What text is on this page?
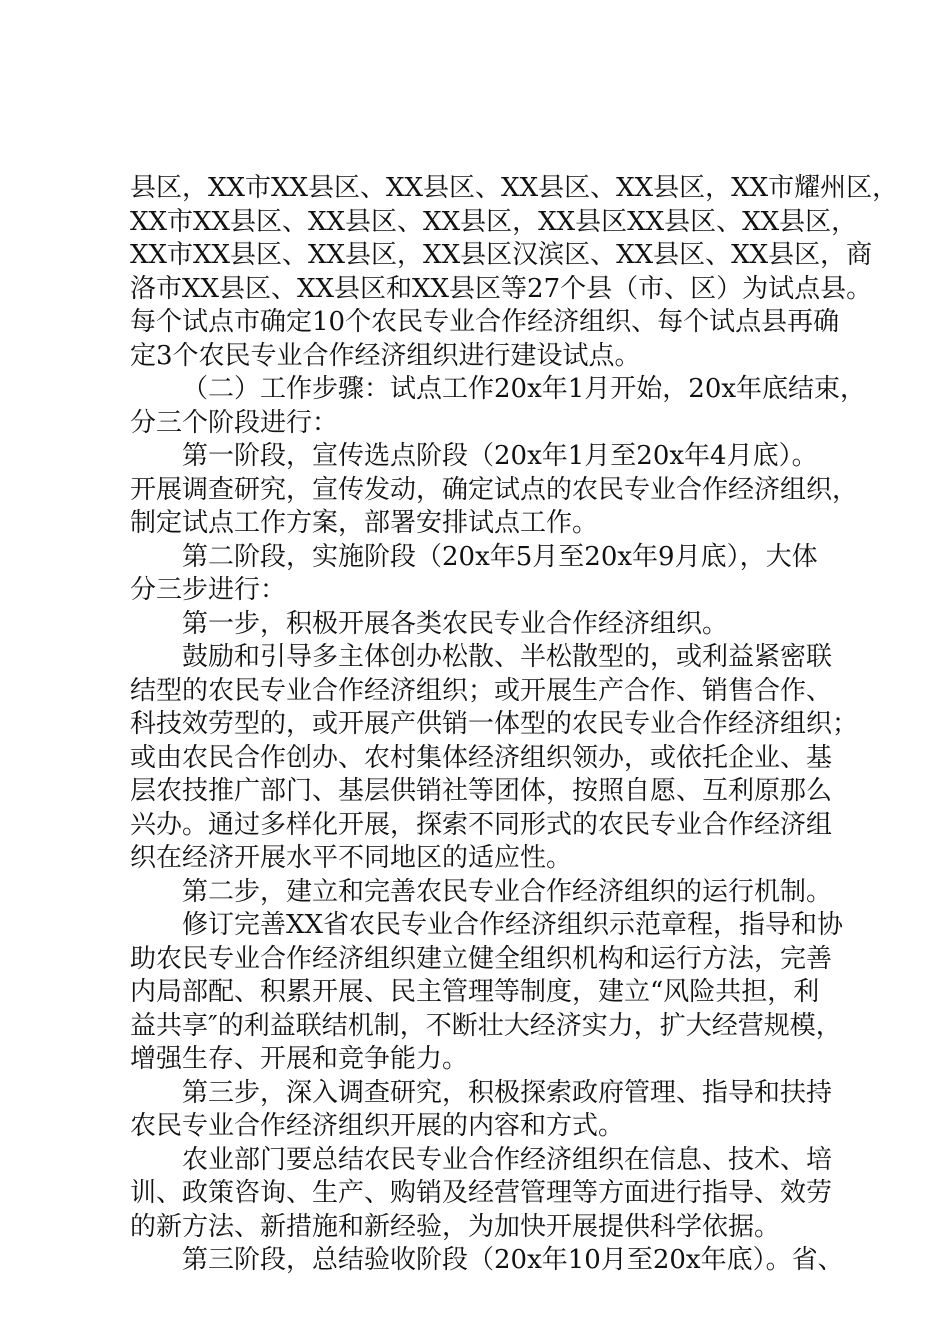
县区，XX市XX县区、XX县区、XX县区、XX县区，XX市耀州区，
XX市XX县区、XX县区、XX县区，XX县区XX县区、XX县区，
XX市XX县区、XX县区，XX县区汉滨区、XX县区、XX县区，商
洛市XX县区、XX县区和XX县区等27个县（市、区）为试点县。
每个试点市确定10个农民专业合作经济组织、每个试点县再确
定3个农民专业合作经济组织进行建设试点。
（二）工作步骤：试点工作20x年1月开始，20x年底结束，
分三个阶段进行：
第一阶段，宣传选点阶段（20x年1月至20x年4月底）。
开展调查研究，宣传发动，确定试点的农民专业合作经济组织，
制定试点工作方案，部署安排试点工作。
第二阶段，实施阶段（20x年5月至20x年9月底），大体
分三步进行：
第一步，积极开展各类农民专业合作经济组织。
鼓励和引导多主体创办松散、半松散型的，或利益紧密联
结型的农民专业合作经济组织；或开展生产合作、销售合作、
科技效劳型的，或开展产供销一体型的农民专业合作经济组织；
或由农民合作创办、农村集体经济组织领办，或依托企业、基
层农技推广部门、基层供销社等团体，按照自愿、互利原那么
兴办。通过多样化开展，探索不同形式的农民专业合作经济组
织在经济开展水平不同地区的适应性。
第二步，建立和完善农民专业合作经济组织的运行机制。
修订完善XX省农民专业合作经济组织示范章程，指导和协
助农民专业合作经济组织建立健全组织机构和运行方法，完善
内局部配、积累开展、民主管理等制度，建立“风险共担，利
益共享″的利益联结机制，不断壮大经济实力，扩大经营规模，
增强生存、开展和竞争能力。
第三步，深入调查研究，积极探索政府管理、指导和扶持
农民专业合作经济组织开展的内容和方式。
农业部门要总结农民专业合作经济组织在信息、技术、培
训、政策咨询、生产、购销及经营管理等方面进行指导、效劳
的新方法、新措施和新经验，为加快开展提供科学依据。
第三阶段，总结验收阶段（20x年10月至20x年底）。省、
